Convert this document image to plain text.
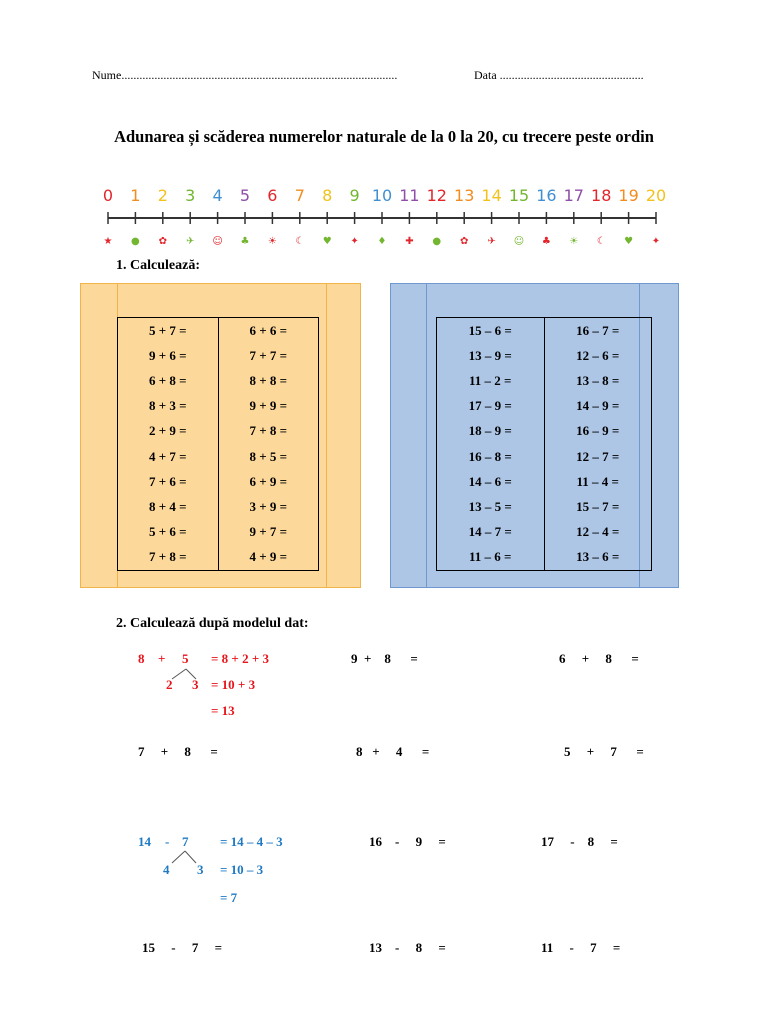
Nume............................................................................................	Data ................................................
Adunarea și scăderea numerelor naturale de la 0 la 20, cu trecere peste ordin
0
★
1
●
2
✿
3
✈
4
☺
5
♣
6
☀
7
☾
8
♥
9
✦
10
♦
11
✚
12
●
13
✿
14
✈
15
☺
16
♣
17
☀
18
☾
19
♥
20
✦
1. Calculează:
5 + 7 =	6 + 6 =
9 + 6 =	7 + 7 =
6 + 8 =	8 + 8 =
8 + 3 =	9 + 9 =
2 + 9 =	7 + 8 =
4 + 7 =	8 + 5 =
7 + 6 =	6 + 9 =
8 + 4 =	3 + 9 =
5 + 6 =	9 + 7 =
7 + 8 =	4 + 9 =
15 – 6 =	16 – 7 =
13 – 9 =	12 – 6 =
11 – 2 =	13 – 8 =
17 – 9 =	14 – 9 =
18 – 9 =	16 – 9 =
16 – 8 =	12 – 7 =
14 – 6 =	11 – 4 =
13 – 5 =	15 – 7 =
14 – 7 =	12 – 4 =
11 – 6 =	13 – 6 =
2. Calculează după modelul dat:
8 + 5
2 3
= 8 + 2 + 3
= 10 + 3
= 13
14 - 7
4 3
= 14 – 4 – 3
= 10 – 3
= 7
9  +    8      =	6     +     8      =
7     +     8      =	8   +     4      =	5     +     7      =
16    -     9     =	17     -    8     =
15     -     7     =	13    -     8     =	11     -     7     =
